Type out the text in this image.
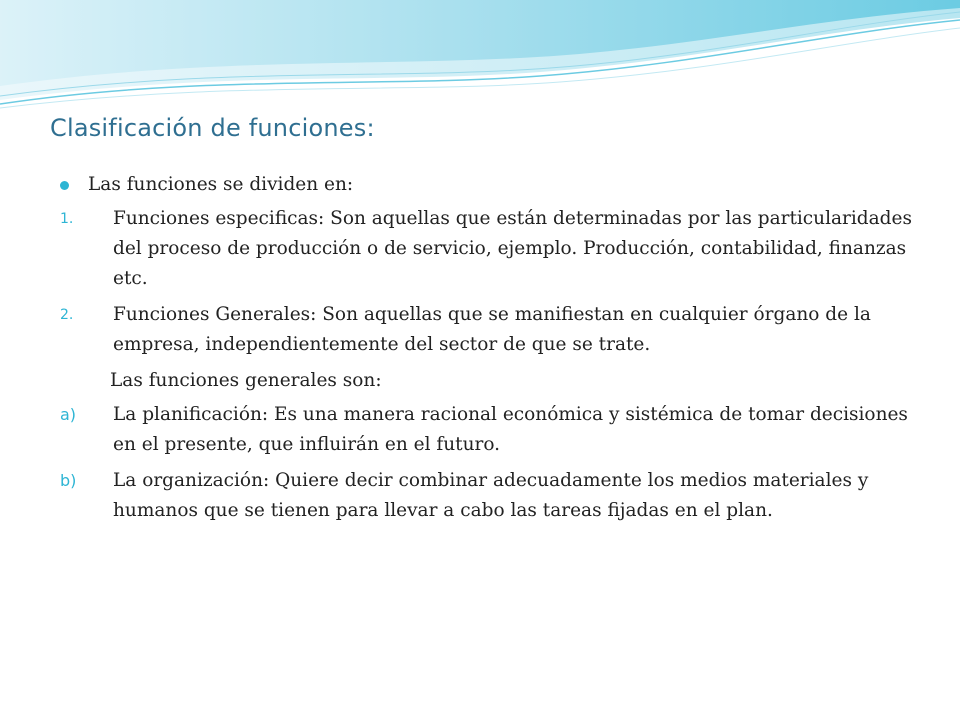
Clasificación de funciones:
Las funciones se dividen en:
1. Funciones especificas: Son aquellas que están determinadas por las particularidades del proceso de producción o de servicio, ejemplo. Producción, contabilidad, finanzas etc.
2. Funciones Generales: Son aquellas que se manifiestan en cualquier órgano de la empresa, independientemente del sector de que se trate.
Las funciones generales son:
a) La planificación: Es una manera racional económica y sistémica de tomar decisiones en el presente, que influirán en el futuro.
b) La organización: Quiere decir combinar adecuadamente los medios materiales y humanos que se tienen para llevar a cabo las tareas fijadas en el plan.
